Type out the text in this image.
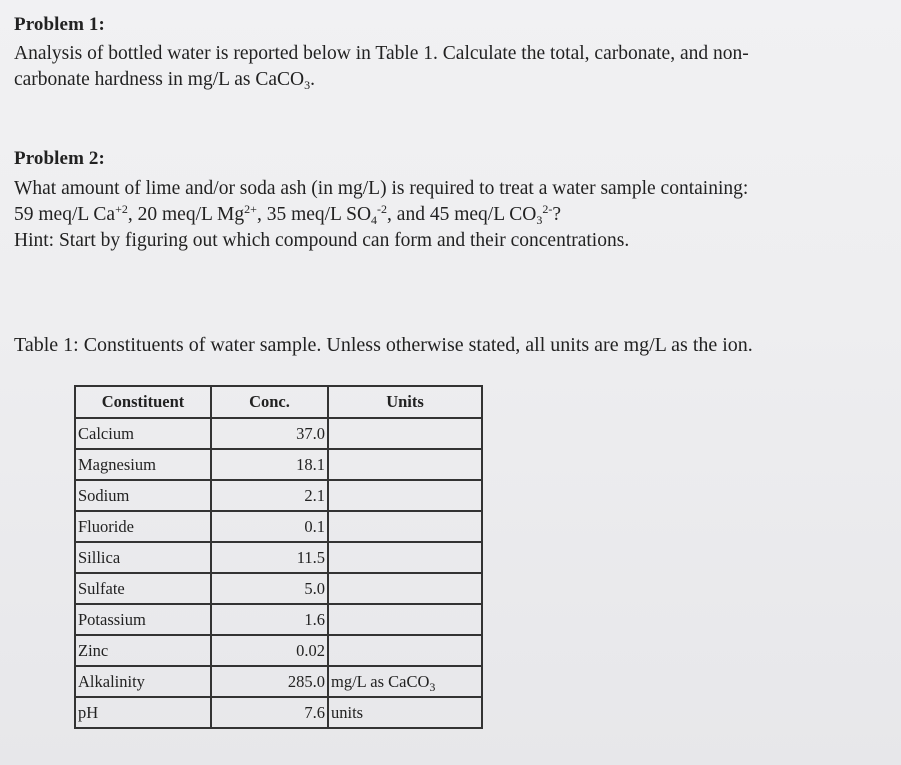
Problem 1:
Analysis of bottled water is reported below in Table 1. Calculate the total, carbonate, and non-
carbonate hardness in mg/L as CaCO$_3$.
Problem 2:
What amount of lime and/or soda ash (in mg/L) is required to treat a water sample containing:
59 meq/L $Ca^{+2}$, 20 meq/L $Mg^{2+}$, 35 meq/L $SO_4^{-2}$, and 45 meq/L $CO_3^{2-}$?
Hint: Start by figuring out which compound can form and their concentrations.
Table 1: Constituents of water sample. Unless otherwise stated, all units are mg/L as the ion.
Constituent	Conc.	Units
Calcium	37.0	
Magnesium	18.1	
Sodium	2.1	
Fluoride	0.1	
Sillica	11.5	
Sulfate	5.0	
Potassium	1.6	
Zinc	0.02	
Alkalinity	285.0	mg/L as CaCO$_3$
pH	7.6	units
